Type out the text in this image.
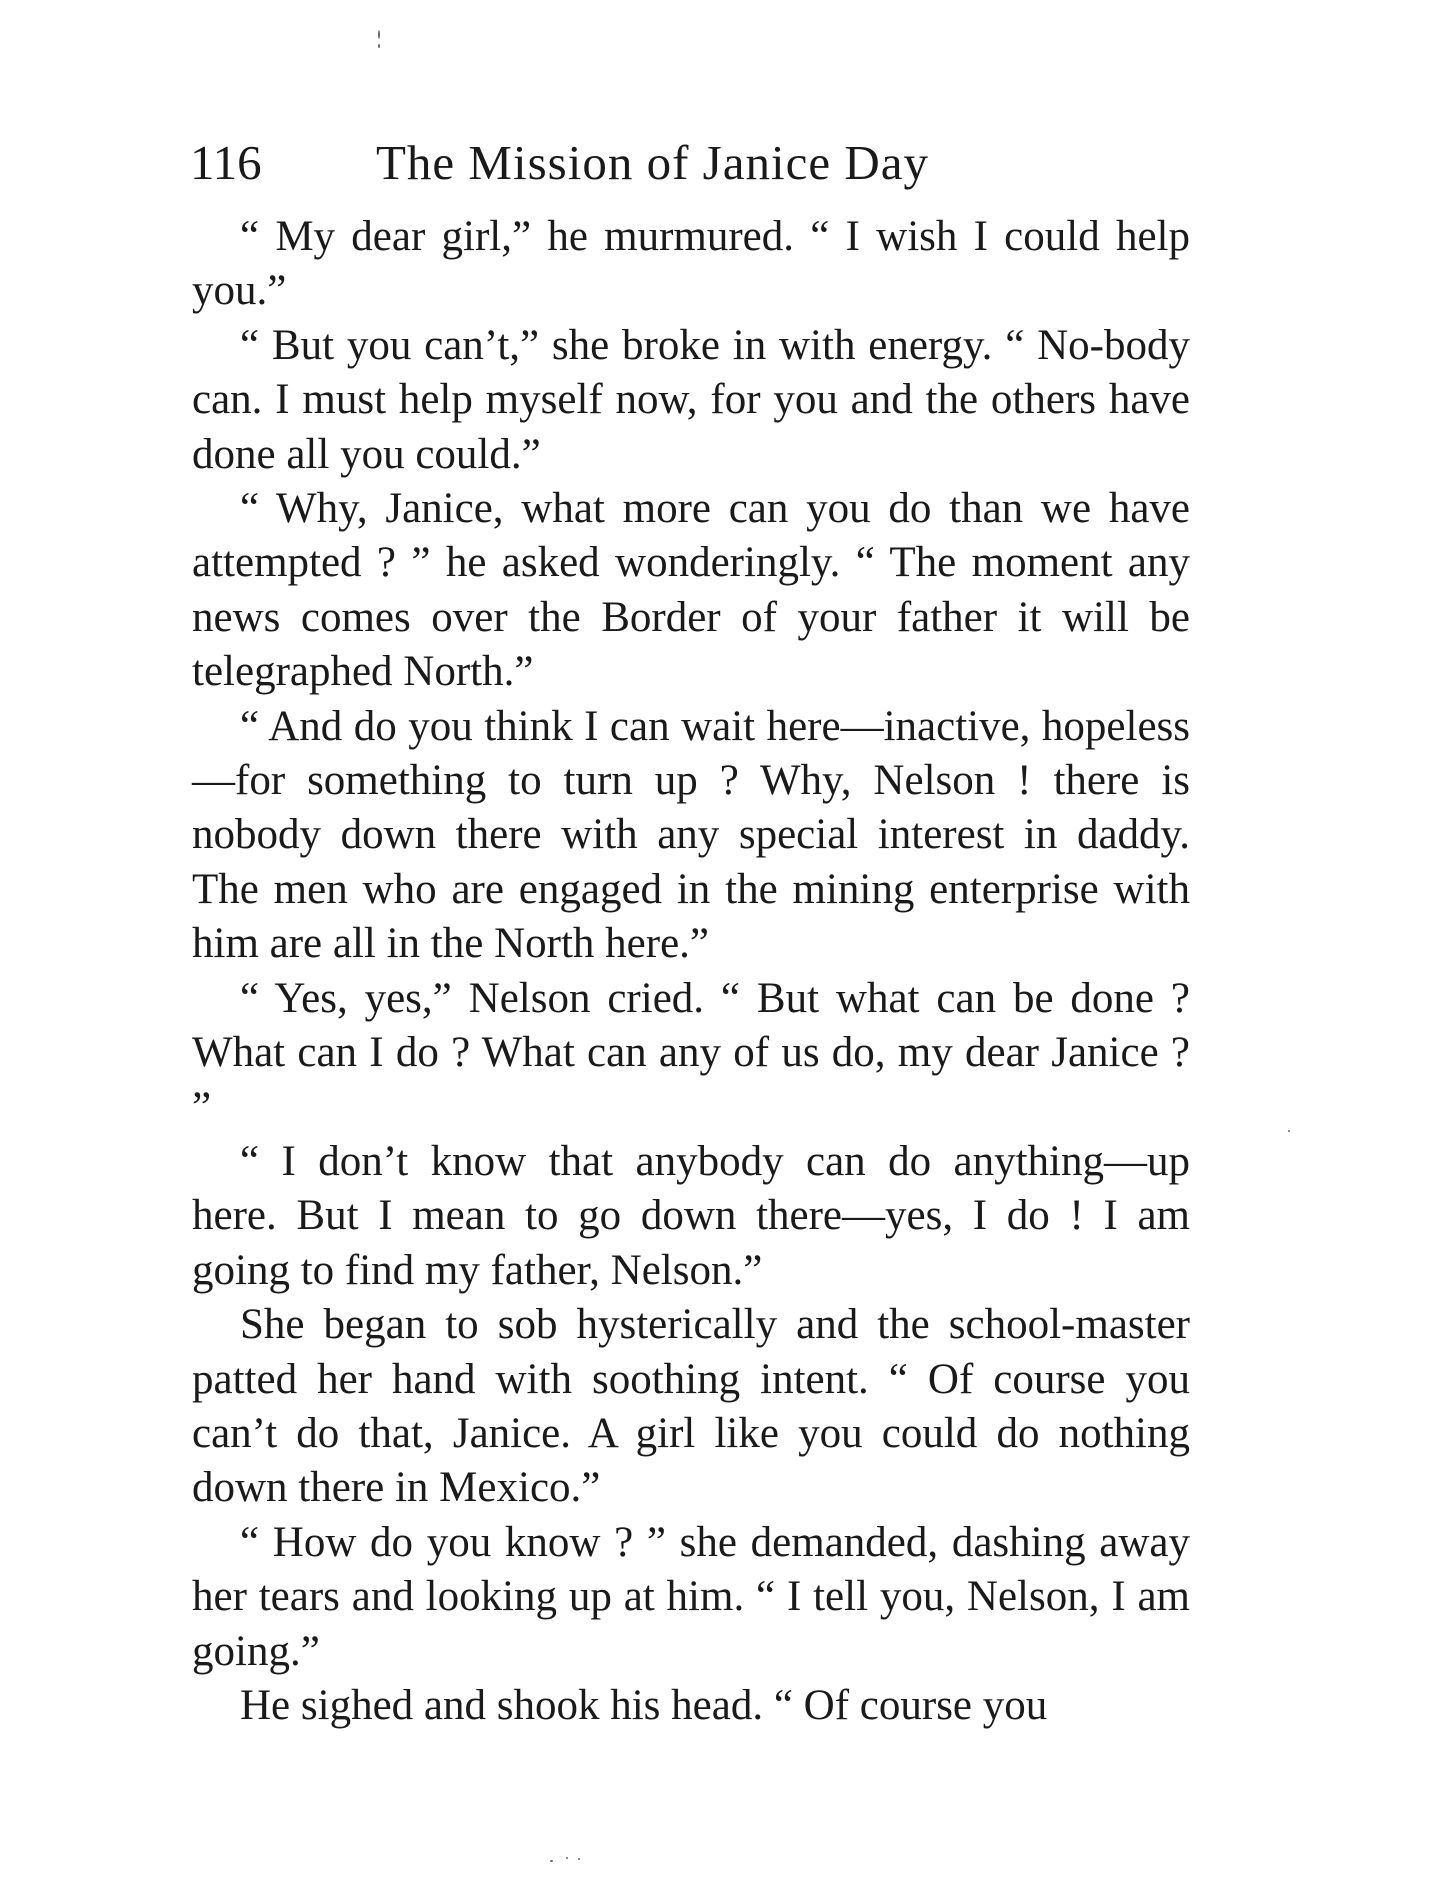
116 The Mission of Janice Day

“ My dear girl,” he murmured. “ I wish I could help you.”

“ But you can’t,” she broke in with energy. “ No-body can. I must help myself now, for you and the others have done all you could.”

“ Why, Janice, what more can you do than we have attempted ? ” he asked wonderingly. “ The moment any news comes over the Border of your father it will be telegraphed North.”

“ And do you think I can wait here—inactive, hopeless—for something to turn up ? Why, Nelson ! there is nobody down there with any special interest in daddy. The men who are engaged in the mining enterprise with him are all in the North here.”

“ Yes, yes,” Nelson cried. “ But what can be done ? What can I do ? What can any of us do, my dear Janice ? ”

“ I don’t know that anybody can do anything—up here. But I mean to go down there—yes, I do ! I am going to find my father, Nelson.”

She began to sob hysterically and the school-master patted her hand with soothing intent. “ Of course you can’t do that, Janice. A girl like you could do nothing down there in Mexico.”

“ How do you know ? ” she demanded, dashing away her tears and looking up at him. “ I tell you, Nelson, I am going.”

He sighed and shook his head. “ Of course you
